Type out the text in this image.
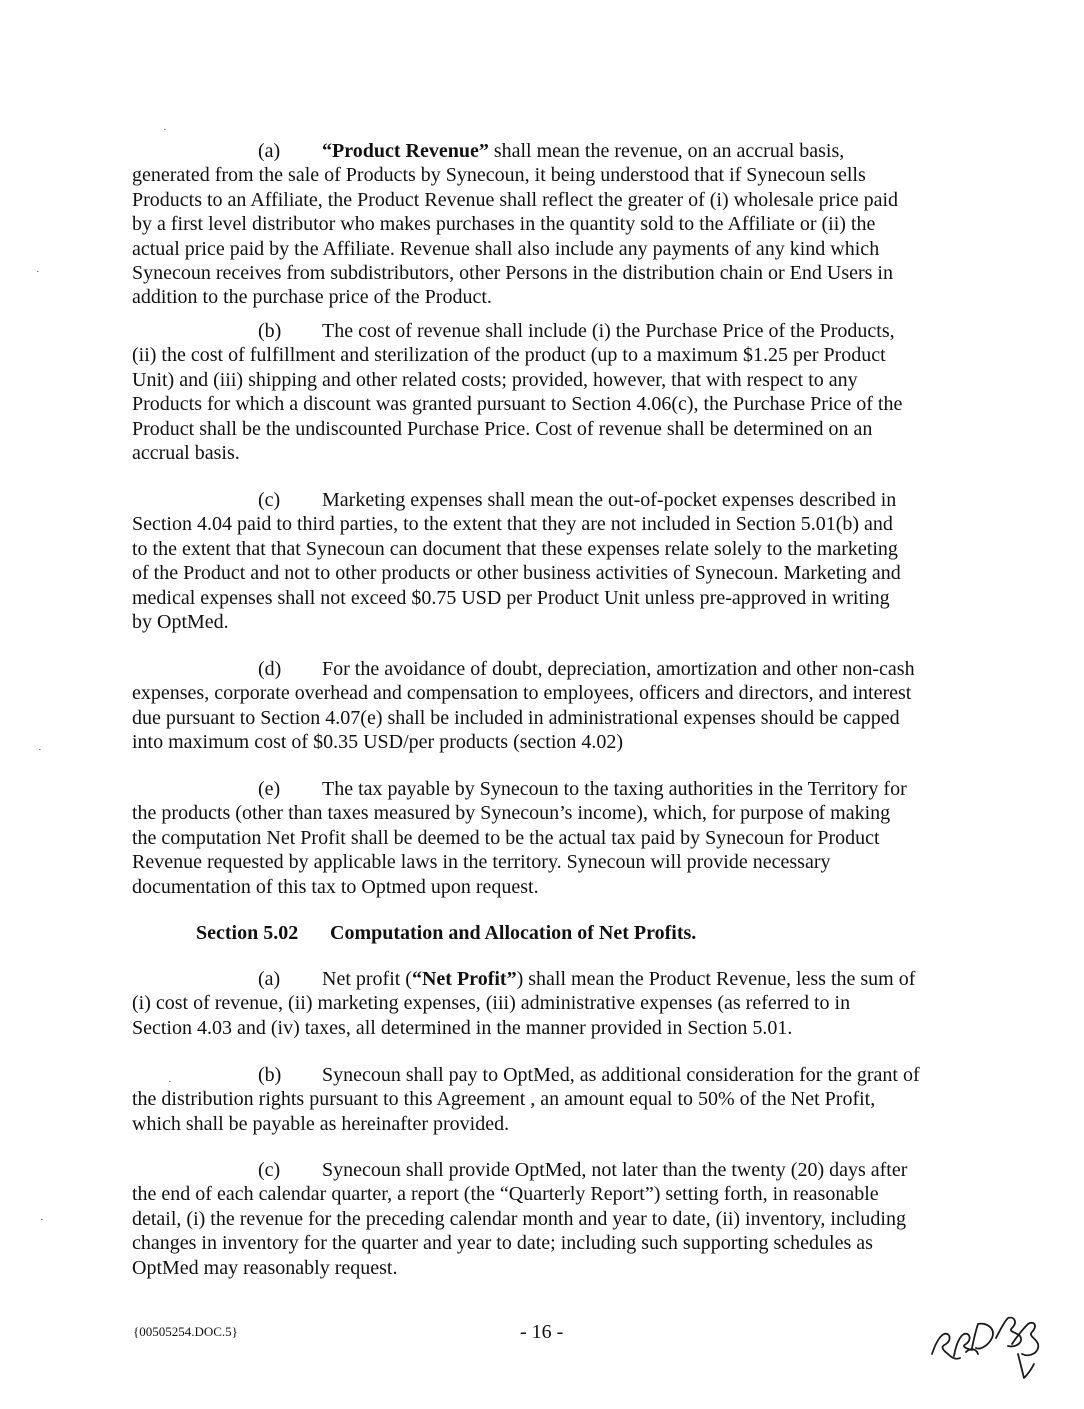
(a) “Product Revenue” shall mean the revenue, on an accrual basis,
generated from the sale of Products by Synecoun, it being understood that if Synecoun sells
Products to an Affiliate, the Product Revenue shall reflect the greater of (i) wholesale price paid
by a first level distributor who makes purchases in the quantity sold to the Affiliate or (ii) the
actual price paid by the Affiliate. Revenue shall also include any payments of any kind which
Synecoun receives from subdistributors, other Persons in the distribution chain or End Users in
addition to the purchase price of the Product.

(b) The cost of revenue shall include (i) the Purchase Price of the Products,
(ii) the cost of fulfillment and sterilization of the product (up to a maximum $1.25 per Product
Unit) and (iii) shipping and other related costs; provided, however, that with respect to any
Products for which a discount was granted pursuant to Section 4.06(c), the Purchase Price of the
Product shall be the undiscounted Purchase Price. Cost of revenue shall be determined on an
accrual basis.

(c) Marketing expenses shall mean the out-of-pocket expenses described in
Section 4.04 paid to third parties, to the extent that they are not included in Section 5.01(b) and
to the extent that that Synecoun can document that these expenses relate solely to the marketing
of the Product and not to other products or other business activities of Synecoun. Marketing and
medical expenses shall not exceed $0.75 USD per Product Unit unless pre-approved in writing
by OptMed.

(d) For the avoidance of doubt, depreciation, amortization and other non-cash
expenses, corporate overhead and compensation to employees, officers and directors, and interest
due pursuant to Section 4.07(e) shall be included in administrational expenses should be capped
into maximum cost of $0.35 USD/per products (section 4.02)

(e) The tax payable by Synecoun to the taxing authorities in the Territory for
the products (other than taxes measured by Synecoun’s income), which, for purpose of making
the computation Net Profit shall be deemed to be the actual tax paid by Synecoun for Product
Revenue requested by applicable laws in the territory. Synecoun will provide necessary
documentation of this tax to Optmed upon request.

Section 5.02 Computation and Allocation of Net Profits.

(a) Net profit (“Net Profit”) shall mean the Product Revenue, less the sum of
(i) cost of revenue, (ii) marketing expenses, (iii) administrative expenses (as referred to in
Section 4.03 and (iv) taxes, all determined in the manner provided in Section 5.01.

(b) Synecoun shall pay to OptMed, as additional consideration for the grant of
the distribution rights pursuant to this Agreement , an amount equal to 50% of the Net Profit,
which shall be payable as hereinafter provided.

(c) Synecoun shall provide OptMed, not later than the twenty (20) days after
the end of each calendar quarter, a report (the “Quarterly Report”) setting forth, in reasonable
detail, (i) the revenue for the preceding calendar month and year to date, (ii) inventory, including
changes in inventory for the quarter and year to date; including such supporting schedules as
OptMed may reasonably request.

{00505254.DOC.5}	- 16 -
·
·
·
·
·
